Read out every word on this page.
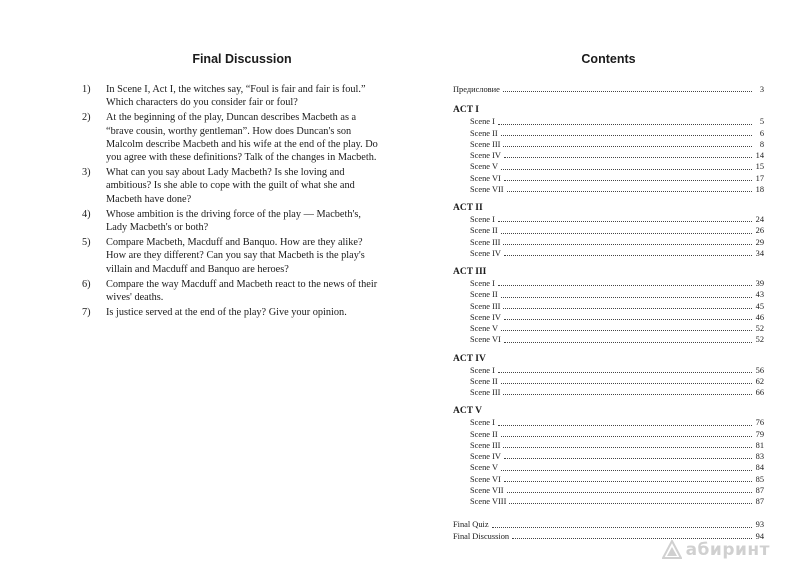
Final Discussion
1)	In Scene I, Act I, the witches say, “Foul is fair and fair is foul.” Which characters do you consider fair or foul?
2)	At the beginning of the play, Duncan describes Macbeth as a “brave cousin, worthy gentleman”. How does Duncan's son Malcolm describe Macbeth and his wife at the end of the play. Do you agree with these definitions? Talk of the changes in Macbeth.
3)	What can you say about Lady Macbeth? Is she loving and ambitious? Is she able to cope with the guilt of what she and Macbeth have done?
4)	Whose ambition is the driving force of the play — Macbeth's, Lady Macbeth's or both?
5)	Compare Macbeth, Macduff and Banquo. How are they alike? How are they different? Can you say that Macbeth is the play's villain and Macduff and Banquo are heroes?
6)	Compare the way Macduff and Macbeth react to the news of their wives' deaths.
7)	Is justice served at the end of the play? Give your opinion.
Contents
Предисловие	3
ACT I
Scene I	5
Scene II	6
Scene III	8
Scene IV	14
Scene V	15
Scene VI	17
Scene VII	18
ACT II
Scene I	24
Scene II	26
Scene III	29
Scene IV	34
ACT III
Scene I	39
Scene II	43
Scene III	45
Scene IV	46
Scene V	52
Scene VI	52
ACT IV
Scene I	56
Scene II	62
Scene III	66
ACT V
Scene I	76
Scene II	79
Scene III	81
Scene IV	83
Scene V	84
Scene VI	85
Scene VII	87
Scene VIII	87
Final Quiz	93
Final Discussion	94
абиринт
